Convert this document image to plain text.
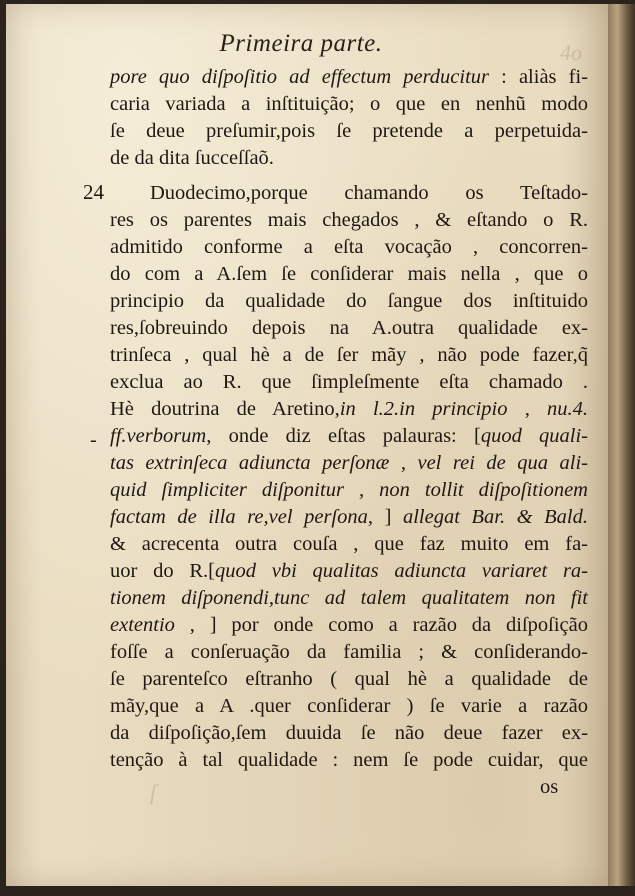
4o
ſ
Primeira parte.
24
-
pore quo diſpoſitio ad effectum perducitur : aliàs fi-
caria variada a inſtituição; o que en nenhũ modo
ſe deue preſumir,pois ſe pretende a perpetuida-
de da dita ſucceſſaõ.
Duodecimo,porque chamando os Teſtado-
res os parentes mais chegados , & eſtando o R.
admitido conforme a eſta vocação , concorren-
do com a A.ſem ſe conſiderar mais nella , que o
principio da qualidade do ſangue dos inſtituido
res,ſobreuindo depois na A.outra qualidade ex-
trinſeca , qual hè a de ſer mãy , não pode fazer,q̃
exclua ao R. que ſimpleſmente eſta chamado .
Hè doutrina de Aretino,in l.2.in principio , nu.4.
ff.verborum, onde diz eſtas palauras: [quod quali-
tas extrinſeca adiuncta perſonæ , vel rei de qua ali-
quid ſimpliciter diſponitur , non tollit diſpoſitionem
factam de illa re,vel perſona, ] allegat Bar. & Bald.
& acrecenta outra couſa , que faz muito em fa-
uor do R.[quod vbi qualitas adiuncta variaret ra-
tionem diſponendi,tunc ad talem qualitatem non fit
extentio , ] por onde como a razão da diſpoſição
foſſe a conſeruação da familia ; & conſiderando-
ſe parenteſco eſtranho ( qual hè a qualidade de
mãy,que a A .quer conſiderar ) ſe varie a razão
da diſpoſição,ſem duuida ſe não deue fazer ex-
tenção à tal qualidade : nem ſe pode cuidar, que
os
